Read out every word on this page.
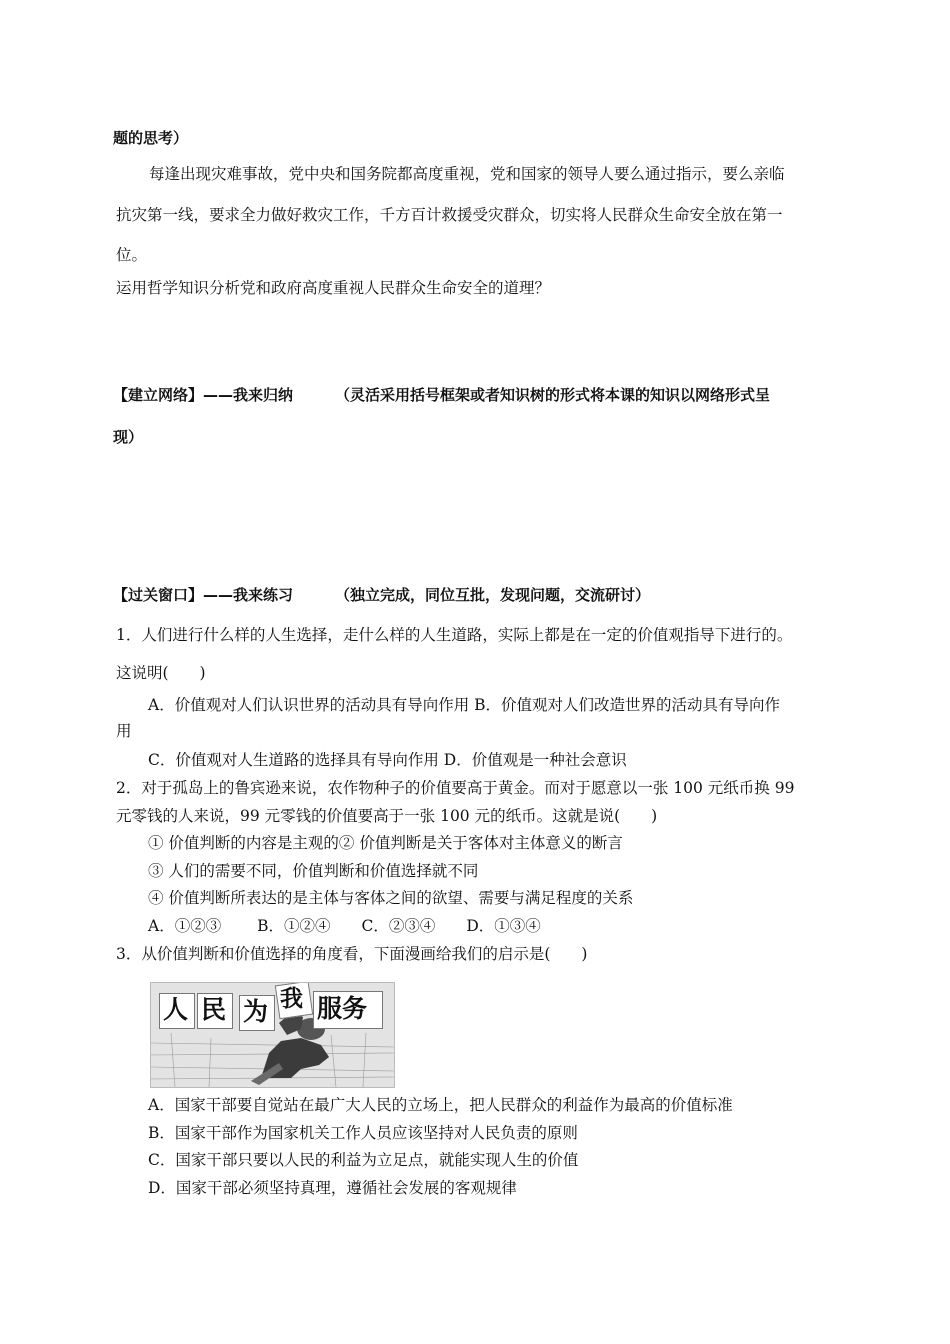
题的思考）
每逢出现灾难事故，党中央和国务院都高度重视，党和国家的领导人要么通过指示，要么亲临
抗灾第一线，要求全力做好救灾工作，千方百计救援受灾群众，切实将人民群众生命安全放在第一
位。
运用哲学知识分析党和政府高度重视人民群众生命安全的道理？
【建立网络】——我来归纳	（灵活采用括号框架或者知识树的形式将本课的知识以网络形式呈
现）
【过关窗口】——我来练习	（独立完成，同位互批，发现问题，交流研讨）
1．人们进行什么样的人生选择，走什么样的人生道路，实际上都是在一定的价值观指导下进行的。
这说明(　　)
A．价值观对人们认识世界的活动具有导向作用 B．价值观对人们改造世界的活动具有导向作
用
C．价值观对人生道路的选择具有导向作用 D．价值观是一种社会意识
2．对于孤岛上的鲁宾逊来说，农作物种子的价值要高于黄金。而对于愿意以一张 100 元纸币换 99
元零钱的人来说，99 元零钱的价值要高于一张 100 元的纸币。这就是说(　　)
① 价值判断的内容是主观的② 价值判断是关于客体对主体意义的断言
③ 人们的需要不同，价值判断和价值选择就不同
④ 价值判断所表达的是主体与客体之间的欲望、需要与满足程度的关系
A．①②③　　 B．①②④　　C．②③④　　D．①③④
3．从价值判断和价值选择的角度看，下面漫画给我们的启示是(　　)
人 民 为 我 服务
A．国家干部要自觉站在最广大人民的立场上，把人民群众的利益作为最高的价值标准
B．国家干部作为国家机关工作人员应该坚持对人民负责的原则
C．国家干部只要以人民的利益为立足点，就能实现人生的价值
D．国家干部必须坚持真理，遵循社会发展的客观规律
